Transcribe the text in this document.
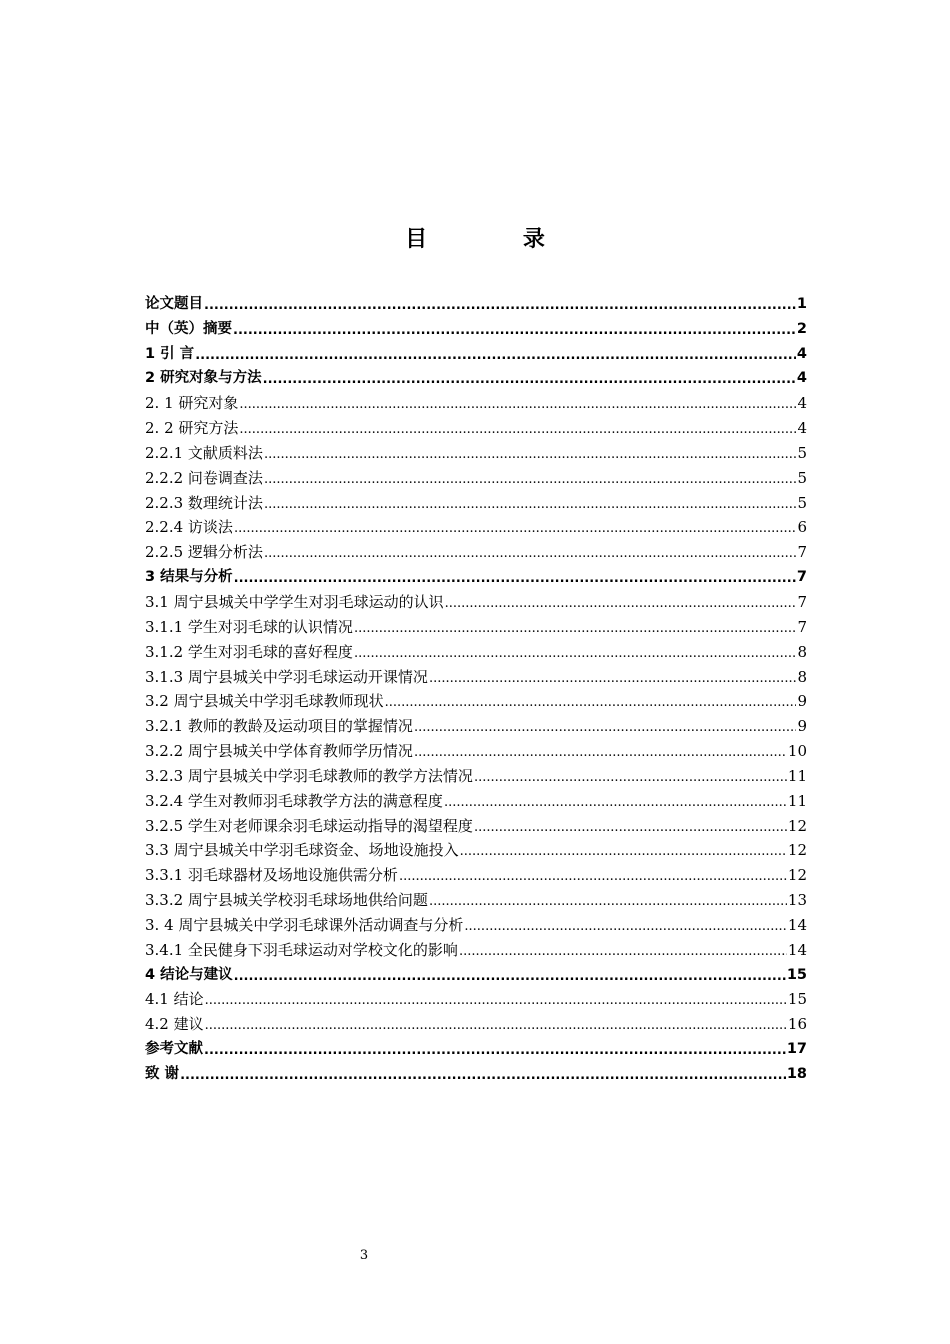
目 录
论文题目 .....	1
中（英）摘要 .....	2
1 引 言 .....	4
2 研究对象与方法 .....	4
2. 1 研究对象 .....	4
2. 2 研究方法 .....	4
2.2.1 文献质料法 .....	5
2.2.2 问卷调查法 .....	5
2.2.3 数理统计法 .....	5
2.2.4 访谈法 .....	6
2.2.5 逻辑分析法 .....	7
3 结果与分析 .....	7
3.1 周宁县城关中学学生对羽毛球运动的认识 .....	7
3.1.1 学生对羽毛球的认识情况 .....	7
3.1.2 学生对羽毛球的喜好程度 .....	8
3.1.3 周宁县城关中学羽毛球运动开课情况 .....	8
3.2 周宁县城关中学羽毛球教师现状 .....	9
3.2.1 教师的教龄及运动项目的掌握情况 .....	9
3.2.2 周宁县城关中学体育教师学历情况 .....	10
3.2.3 周宁县城关中学羽毛球教师的教学方法情况 .....	11
3.2.4 学生对教师羽毛球教学方法的满意程度 .....	11
3.2.5 学生对老师课余羽毛球运动指导的渴望程度 .....	12
3.3 周宁县城关中学羽毛球资金、场地设施投入 .....	12
3.3.1 羽毛球器材及场地设施供需分析 .....	12
3.3.2 周宁县城关学校羽毛球场地供给问题 .....	13
3. 4 周宁县城关中学羽毛球课外活动调查与分析 .....	14
3.4.1 全民健身下羽毛球运动对学校文化的影响 .....	14
4 结论与建议 .....	15
4.1 结论 .....	15
4.2 建议 .....	16
参考文献 .....	17
致 谢 .....	18
3
